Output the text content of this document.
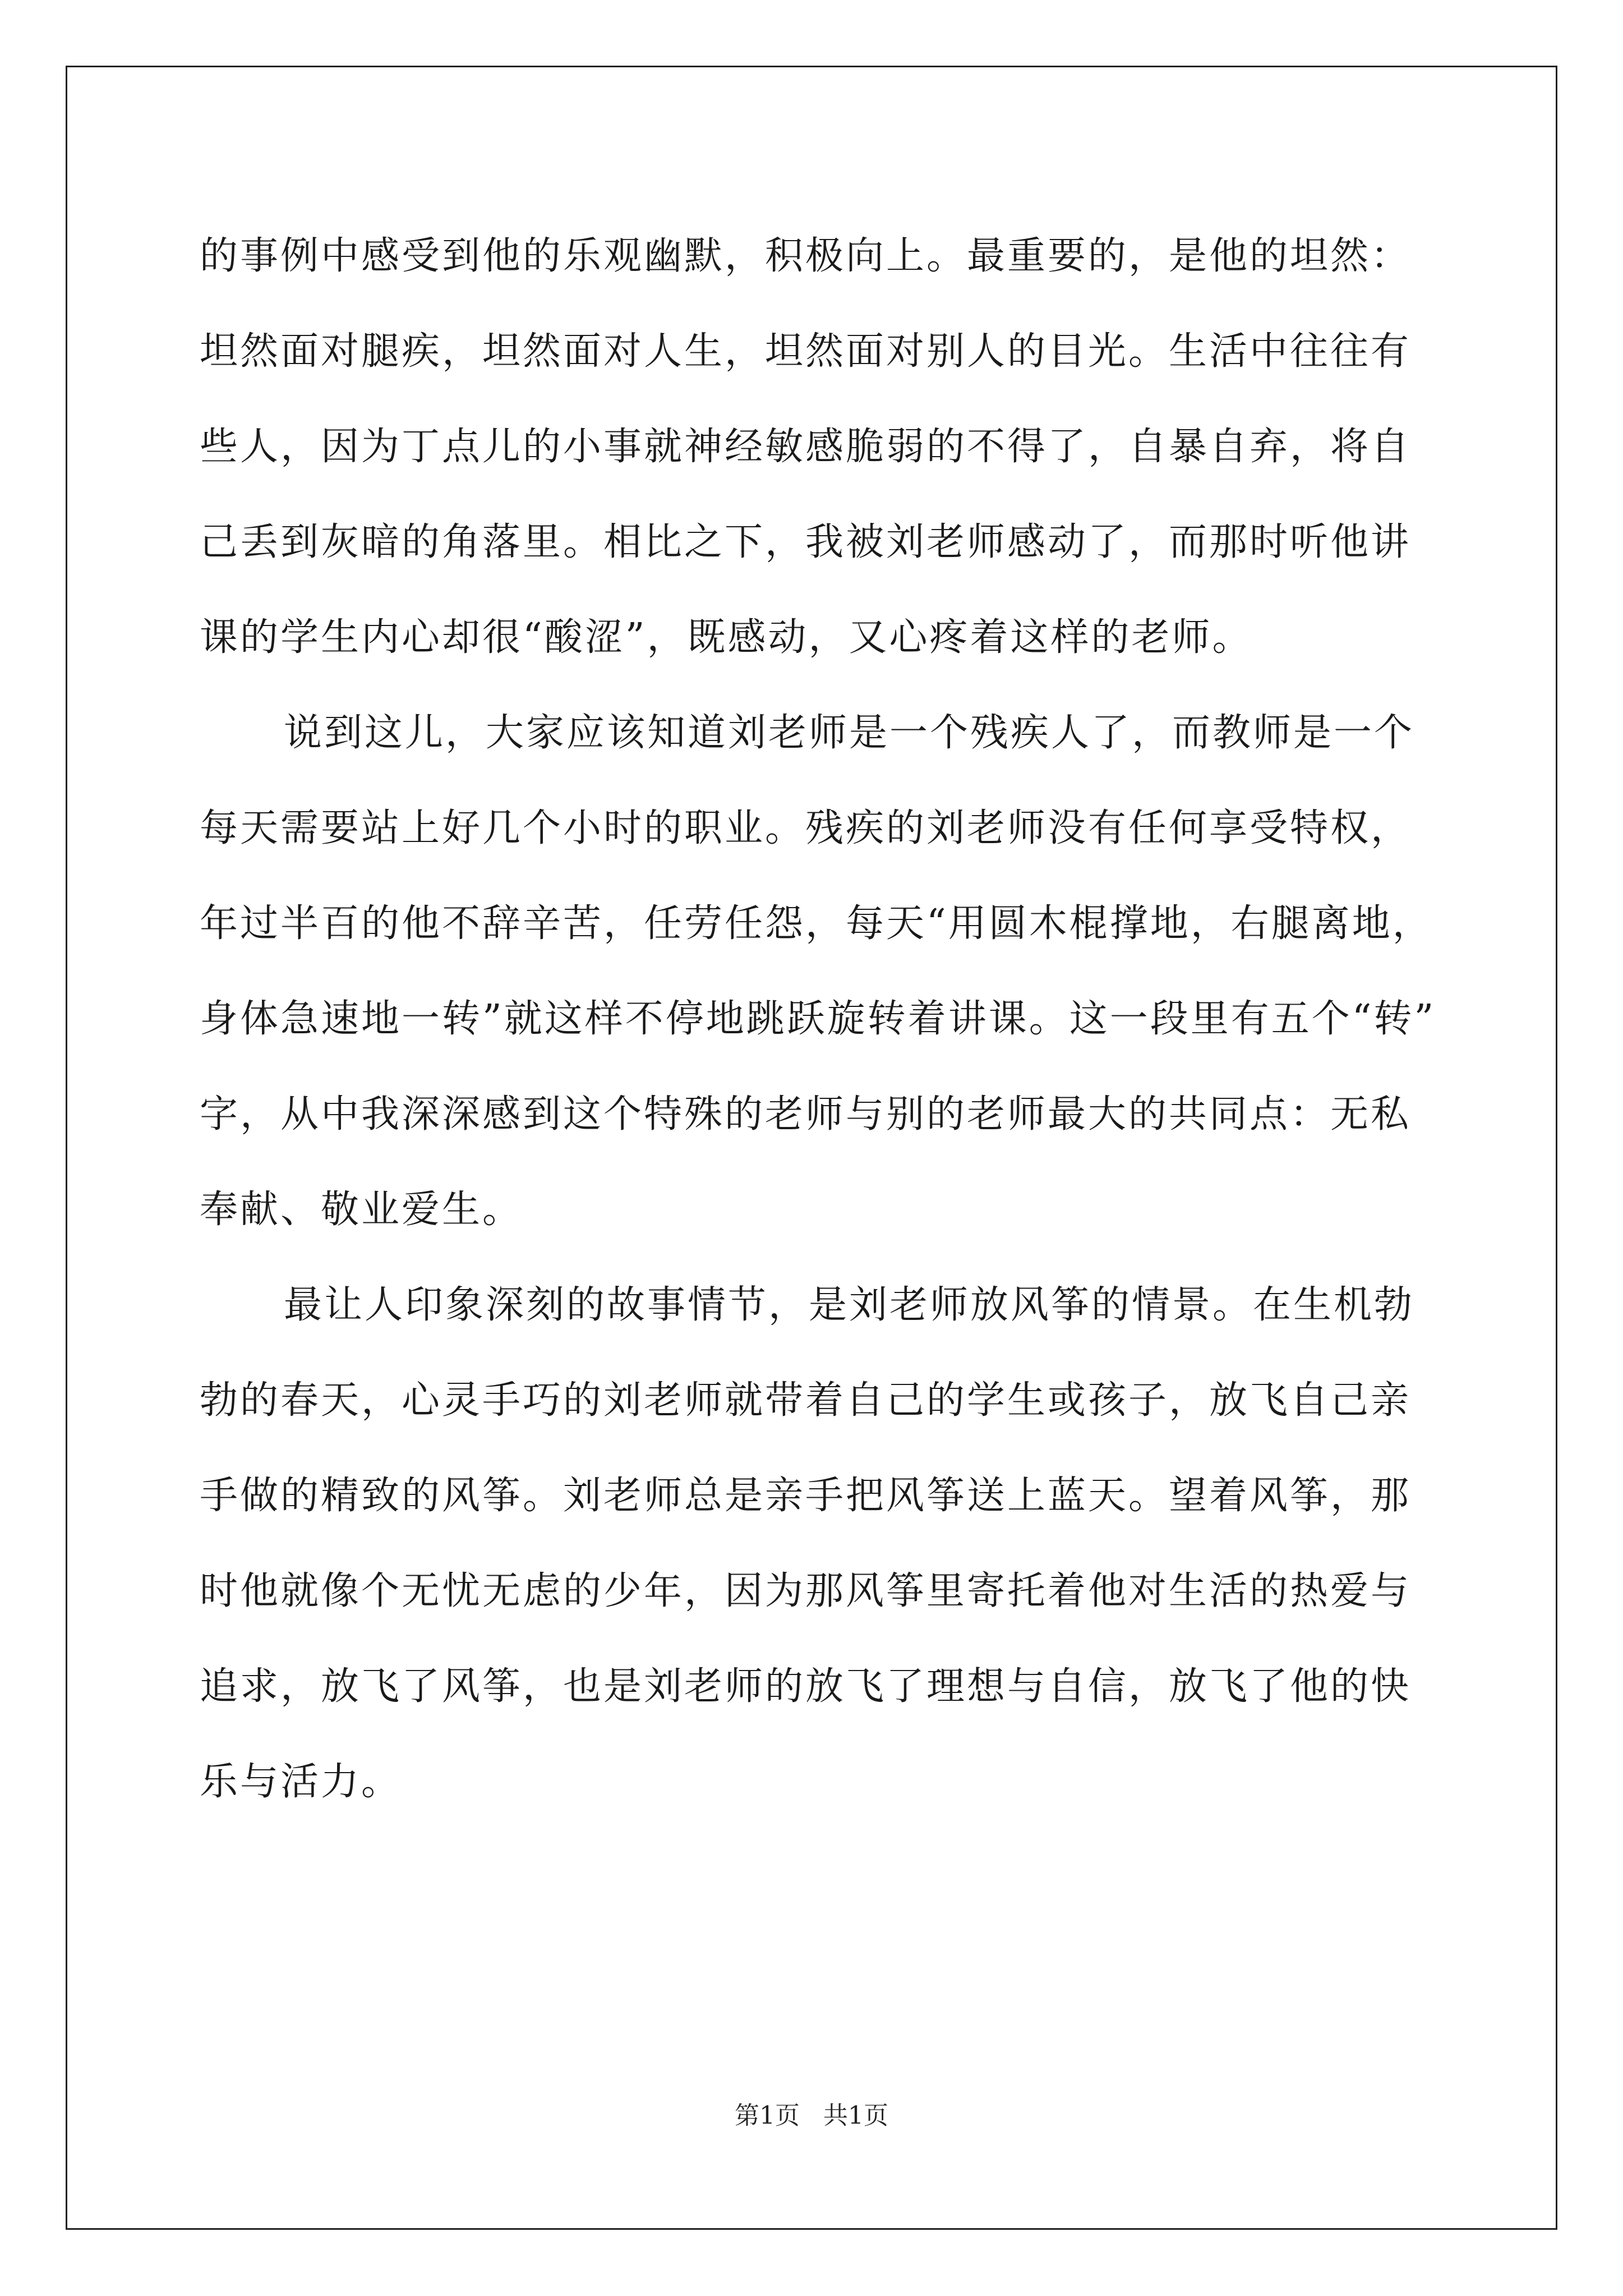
的事例中感受到他的乐观幽默，积极向上。最重要的，是他的坦然：
坦然面对腿疾，坦然面对人生，坦然面对别人的目光。生活中往往有
些人，因为丁点儿的小事就神经敏感脆弱的不得了，自暴自弃，将自
己丢到灰暗的角落里。相比之下，我被刘老师感动了，而那时听他讲
课的学生内心却很“酸涩”，既感动，又心疼着这样的老师。
说到这儿，大家应该知道刘老师是一个残疾人了，而教师是一个
每天需要站上好几个小时的职业。残疾的刘老师没有任何享受特权，
年过半百的他不辞辛苦，任劳任怨，每天“用圆木棍撑地，右腿离地，
身体急速地一转”就这样不停地跳跃旋转着讲课。这一段里有五个“转”
字，从中我深深感到这个特殊的老师与别的老师最大的共同点：无私
奉献、敬业爱生。
最让人印象深刻的故事情节，是刘老师放风筝的情景。在生机勃
勃的春天，心灵手巧的刘老师就带着自己的学生或孩子，放飞自己亲
手做的精致的风筝。刘老师总是亲手把风筝送上蓝天。望着风筝，那
时他就像个无忧无虑的少年，因为那风筝里寄托着他对生活的热爱与
追求，放飞了风筝，也是刘老师的放飞了理想与自信，放飞了他的快
乐与活力。
第1页   共1页
